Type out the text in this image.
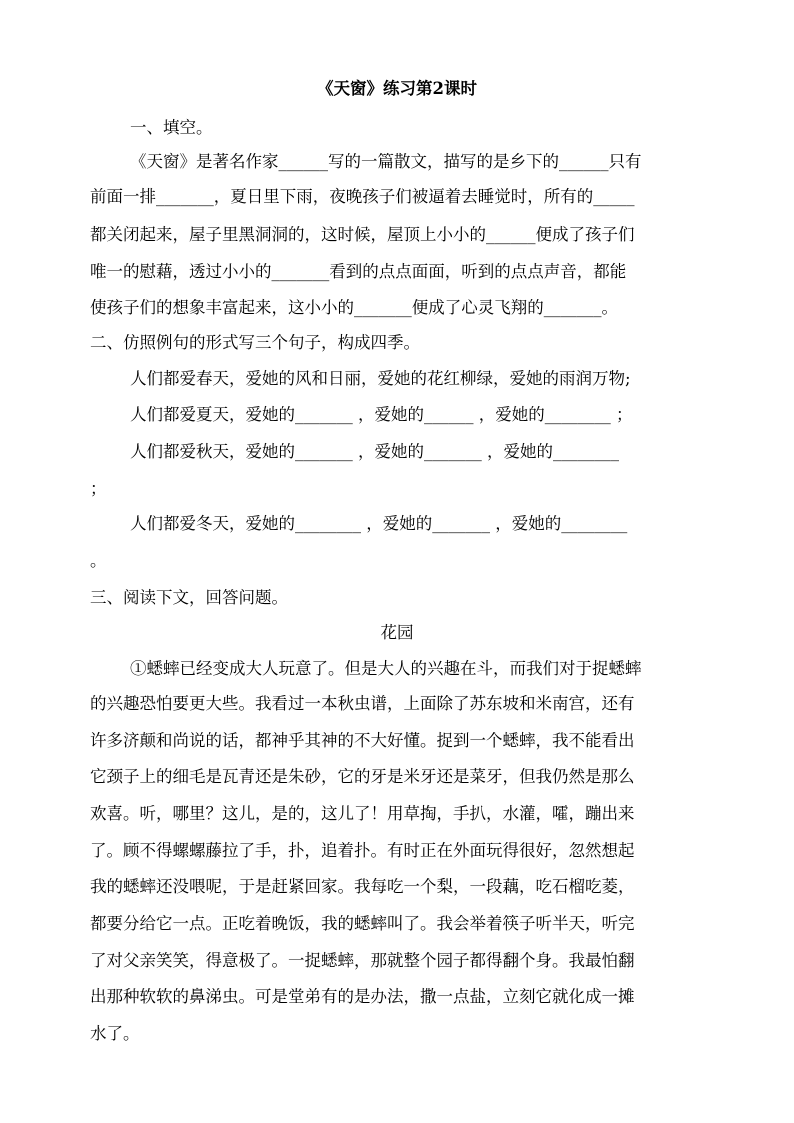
《天窗》练习第2课时
一、填空。
《天窗》是著名作家______写的一篇散文，描写的是乡下的______只有
前面一排_______，夏日里下雨，夜晚孩子们被逼着去睡觉时，所有的_____
都关闭起来，屋子里黑洞洞的，这时候，屋顶上小小的______便成了孩子们
唯一的慰藉，透过小小的_______看到的点点面面，听到的点点声音，都能
使孩子们的想象丰富起来，这小小的_______便成了心灵飞翔的_______。
二、仿照例句的形式写三个句子，构成四季。
人们都爱春天，爱她的风和日丽，爱她的花红柳绿，爱她的雨润万物;
人们都爱夏天，爱她的_______ ，爱她的______ ，爱她的________ ；
人们都爱秋天，爱她的_______ ，爱她的_______ ，爱她的________
；
人们都爱冬天，爱她的________ ，爱她的_______ ，爱她的________
。
三、阅读下文，回答问题。
花园
①蟋蟀已经变成大人玩意了。但是大人的兴趣在斗，而我们对于捉蟋蟀
的兴趣恐怕要更大些。我看过一本秋虫谱，上面除了苏东坡和米南宫，还有
许多济颠和尚说的话，都神乎其神的不大好懂。捉到一个蟋蟀，我不能看出
它颈子上的细毛是瓦青还是朱砂，它的牙是米牙还是菜牙，但我仍然是那么
欢喜。听，哪里？这儿，是的，这儿了！用草掏，手扒，水灌，嚯，蹦出来
了。顾不得螺螺藤拉了手，扑，追着扑。有时正在外面玩得很好，忽然想起
我的蟋蟀还没喂呢，于是赶紧回家。我每吃一个梨，一段藕，吃石榴吃菱，
都要分给它一点。正吃着晚饭，我的蟋蟀叫了。我会举着筷子听半天，听完
了对父亲笑笑，得意极了。一捉蟋蟀，那就整个园子都得翻个身。我最怕翻
出那种软软的鼻涕虫。可是堂弟有的是办法，撒一点盐，立刻它就化成一摊
水了。
